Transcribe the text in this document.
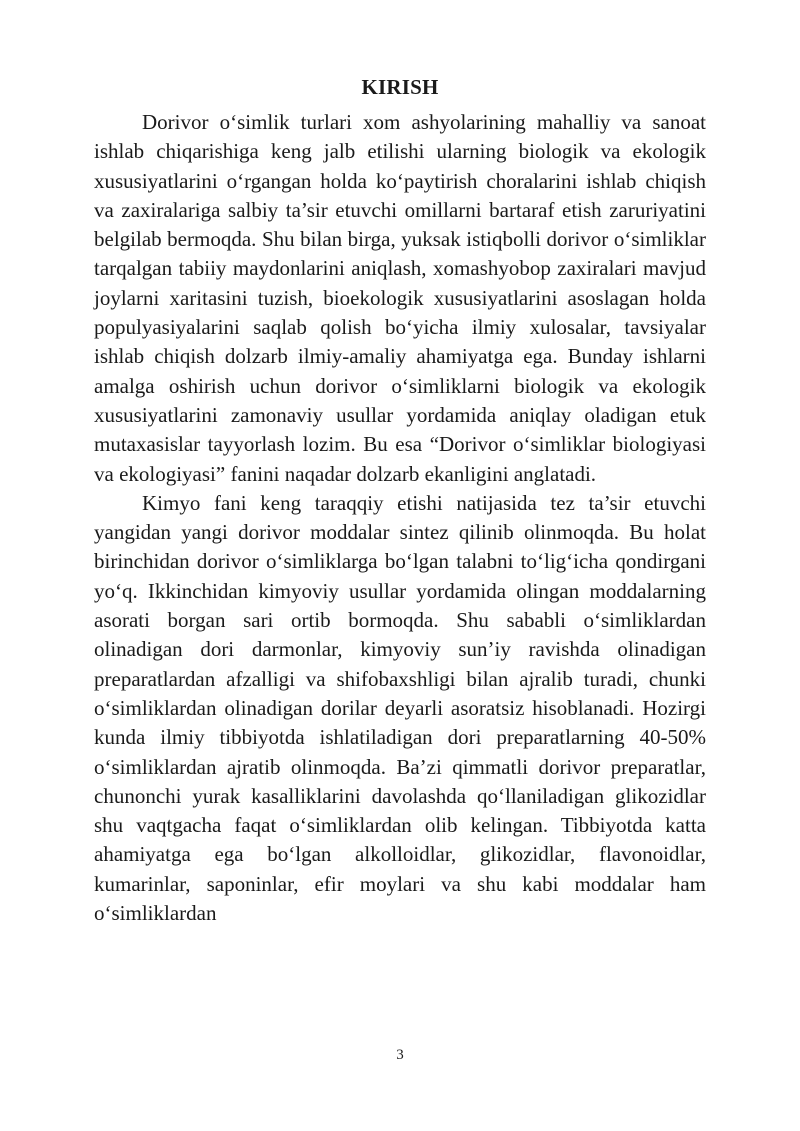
KIRISH

Dorivor o‘simlik turlari xom ashyolarining mahalliy va sanoat ishlab chiqarishiga keng jalb etilishi ularning biologik va ekologik xususiyatlarini o‘rgangan holda ko‘paytirish choralarini ishlab chiqish va zaxiralariga salbiy ta’sir etuvchi omillarni bartaraf etish zaruriyatini belgilab bermoqda. Shu bilan birga, yuksak istiqbolli dorivor o‘simliklar tarqalgan tabiiy maydonlarini aniqlash, xomashyobop zaxiralari mavjud joylarni xaritasini tuzish, bioekologik xususiyatlarini asoslagan holda populyasiyalarini saqlab qolish bo‘yicha ilmiy xulosalar, tavsiyalar ishlab chiqish dolzarb ilmiy-amaliy ahamiyatga ega. Bunday ishlarni amalga oshirish uchun dorivor o‘simliklarni biologik va ekologik xususiyatlarini zamonaviy usullar yordamida aniqlay oladigan etuk mutaxasislar tayyorlash lozim. Bu esa “Dorivor o‘simliklar biologiyasi va ekologiyasi” fanini naqadar dolzarb ekanligini anglatadi.

Kimyo fani keng taraqqiy etishi natijasida tez ta’sir etuvchi yangidan yangi dorivor moddalar sintez qilinib olinmoqda. Bu holat birinchidan dorivor o‘simliklarga bo‘lgan talabni to‘lig‘icha qondirgani yo‘q. Ikkinchidan kimyoviy usullar yordamida olingan moddalarning asorati borgan sari ortib bormoqda. Shu sababli o‘simliklardan olinadigan dori darmonlar, kimyoviy sun’iy ravishda olinadigan preparatlardan afzalligi va shifobaxshligi bilan ajralib turadi, chunki o‘simliklardan olinadigan dorilar deyarli asoratsiz hisoblanadi. Hozirgi kunda ilmiy tibbiyotda ishlatiladigan dori preparatlarning 40-50% o‘simliklardan ajratib olinmoqda. Ba’zi qimmatli dorivor preparatlar, chunonchi yurak kasalliklarini davolashda qo‘llaniladigan glikozidlar shu vaqtgacha faqat o‘simliklardan olib kelingan. Tibbiyotda katta ahamiyatga ega bo‘lgan alkolloidlar, glikozidlar, flavonoidlar, kumarinlar, saponinlar, efir moylari va shu kabi moddalar ham o‘simliklardan

3
